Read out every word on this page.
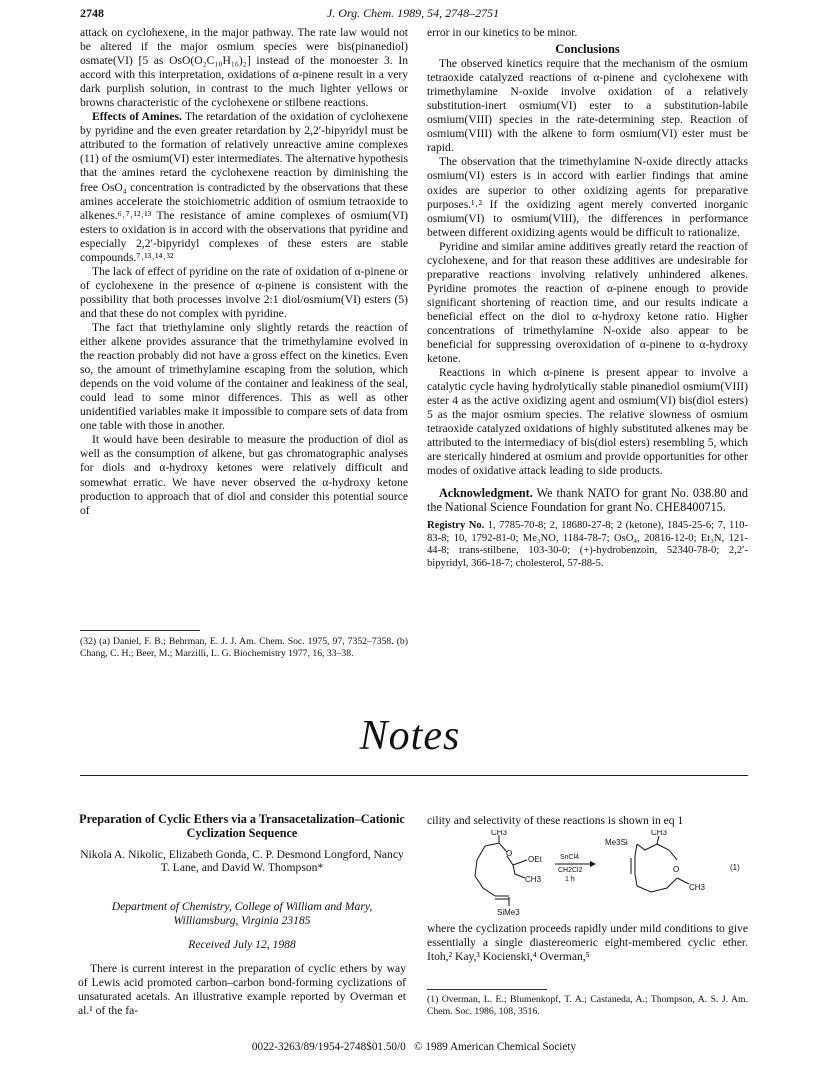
2748	J. Org. Chem. 1989, 54, 2748–2751

attack on cyclohexene, in the major pathway. The rate law would not be altered if the major osmium species were bis(pinanediol) osmate(VI) [5 as OsO(O₂C₁₀H₁₆)₂] instead of the monoester 3. In accord with this interpretation, oxidations of α-pinene result in a very dark purplish solution, in contrast to the much lighter yellows or browns characteristic of the cyclohexene or stilbene reactions.

Effects of Amines. The retardation of the oxidation of cyclohexene by pyridine and the even greater retardation by 2,2′-bipyridyl must be attributed to the formation of relatively unreactive amine complexes (11) of the osmium(VI) ester intermediates. The alternative hypothesis that the amines retard the cyclohexene reaction by diminishing the free OsO₄ concentration is contradicted by the observations that these amines accelerate the stoichiometric addition of osmium tetraoxide to alkenes.⁶˒⁷˒¹²˒¹³ The resistance of amine complexes of osmium(VI) esters to oxidation is in accord with the observations that pyridine and especially 2,2′-bipyridyl complexes of these esters are stable compounds.⁷˒¹³˒¹⁴˒³²

The lack of effect of pyridine on the rate of oxidation of α-pinene or of cyclohexene in the presence of α-pinene is consistent with the possibility that both processes involve 2:1 diol/osmium(VI) esters (5) and that these do not complex with pyridine.

The fact that triethylamine only slightly retards the reaction of either alkene provides assurance that the trimethylamine evolved in the reaction probably did not have a gross effect on the kinetics. Even so, the amount of trimethylamine escaping from the solution, which depends on the void volume of the container and leakiness of the seal, could lead to some minor differences. This as well as other unidentified variables make it impossible to compare sets of data from one table with those in another.

It would have been desirable to measure the production of diol as well as the consumption of alkene, but gas chromatographic analyses for diols and α-hydroxy ketones were relatively difficult and somewhat erratic. We have never observed the α-hydroxy ketone production to approach that of diol and consider this potential source of

(32) (a) Daniel, F. B.; Behrman, E. J. J. Am. Chem. Soc. 1975, 97, 7352–7358. (b) Chang, C. H.; Beer, M.; Marzilli, L. G. Biochemistry 1977, 16, 33–38.

error in our kinetics to be minor.

Conclusions

The observed kinetics require that the mechanism of the osmium tetraoxide catalyzed reactions of α-pinene and cyclohexene with trimethylamine N-oxide involve oxidation of a relatively substitution-inert osmium(VI) ester to a substitution-labile osmium(VIII) species in the rate-determining step. Reaction of osmium(VIII) with the alkene to form osmium(VI) ester must be rapid.

The observation that the trimethylamine N-oxide directly attacks osmium(VI) esters is in accord with earlier findings that amine oxides are superior to other oxidizing agents for preparative purposes.¹˒² If the oxidizing agent merely converted inorganic osmium(VI) to osmium(VIII), the differences in performance between different oxidizing agents would be difficult to rationalize.

Pyridine and similar amine additives greatly retard the reaction of cyclohexene, and for that reason these additives are undesirable for preparative reactions involving relatively unhindered alkenes. Pyridine promotes the reaction of α-pinene enough to provide significant shortening of reaction time, and our results indicate a beneficial effect on the diol to α-hydroxy ketone ratio. Higher concentrations of trimethylamine N-oxide also appear to be beneficial for suppressing overoxidation of α-pinene to α-hydroxy ketone.

Reactions in which α-pinene is present appear to involve a catalytic cycle having hydrolytically stable pinanediol osmium(VIII) ester 4 as the active oxidizing agent and osmium(VI) bis(diol esters) 5 as the major osmium species. The relative slowness of osmium tetraoxide catalyzed oxidations of highly substituted alkenes may be attributed to the intermediacy of bis(diol esters) resembling 5, which are sterically hindered at osmium and provide opportunities for other modes of oxidative attack leading to side products.

Acknowledgment. We thank NATO for grant No. 038.80 and the National Science Foundation for grant No. CHE8400715.

Registry No. 1, 7785-70-8; 2, 18680-27-8; 2 (ketone), 1845-25-6; 7, 110-83-8; 10, 1792-81-0; Me₃NO, 1184-78-7; OsO₄, 20816-12-0; Et₃N, 121-44-8; trans-stilbene, 103-30-0; (+)-hydrobenzoin, 52340-78-0; 2,2′-bipyridyl, 366-18-7; cholesterol, 57-88-5.

Notes
Preparation of Cyclic Ethers via a Transacetalization–Cationic Cyclization Sequence
Nikola A. Nikolic, Elizabeth Gonda, C. P. Desmond Longford, Nancy T. Lane, and David W. Thompson*
Department of Chemistry, College of William and Mary, Williamsburg, Virginia 23185
Received July 12, 1988

There is current interest in the preparation of cyclic ethers by way of Lewis acid promoted carbon–carbon bond-forming cyclizations of unsaturated acetals. An illustrative example reported by Overman et al.¹ of the fa-

cility and selectivity of these reactions is shown in eq 1
CH3
O
OEt
CH3
SiMe3
SnCl4
CH2Cl2
1 h
Me3Si
CH3
O
CH3
(1)
where the cyclization proceeds rapidly under mild conditions to give essentially a single diastereomeric eight-membered cyclic ether. Itoh,² Kay,³ Kocienski,⁴ Overman,⁵
(1) Overman, L. E.; Blumenkopf, T. A.; Castaneda, A.; Thompson, A. S. J. Am. Chem. Soc. 1986, 108, 3516.
0022-3263/89/1954-2748$01.50/0 © 1989 American Chemical Society
